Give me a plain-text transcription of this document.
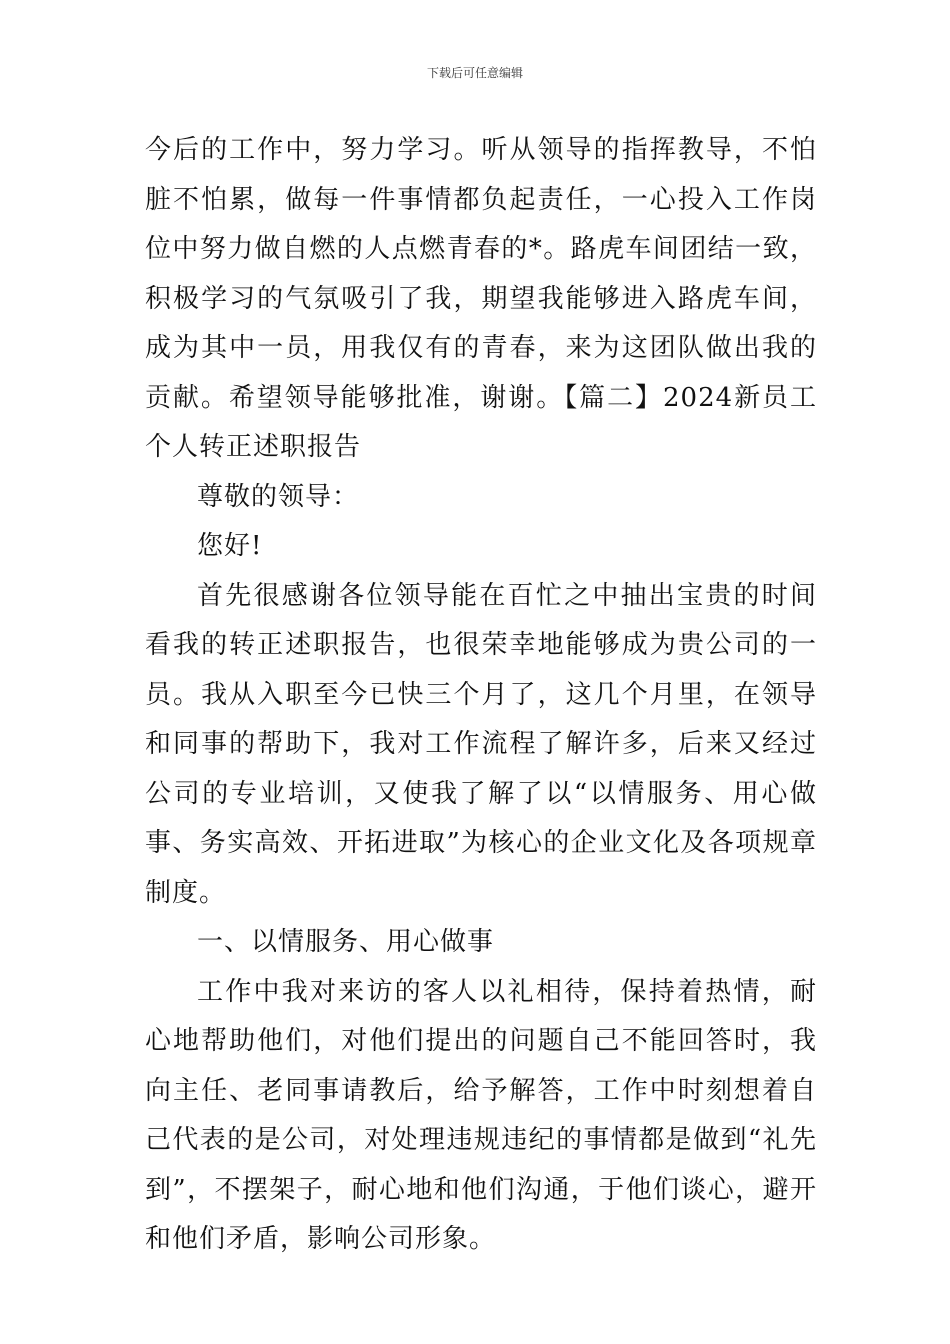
下载后可任意编辑

今后的工作中，努力学习。听从领导的指挥教导，不怕脏不怕累，做每一件事情都负起责任，一心投入工作岗位中努力做自燃的人点燃青春的*。路虎车间团结一致，积极学习的气氛吸引了我，期望我能够进入路虎车间，成为其中一员，用我仅有的青春，来为这团队做出我的贡献。希望领导能够批准，谢谢。【篇二】2024新员工个人转正述职报告

尊敬的领导：

您好!

首先很感谢各位领导能在百忙之中抽出宝贵的时间看我的转正述职报告，也很荣幸地能够成为贵公司的一员。我从入职至今已快三个月了，这几个月里，在领导和同事的帮助下，我对工作流程了解许多，后来又经过公司的专业培训，又使我了解了以“以情服务、用心做事、务实高效、开拓进取”为核心的企业文化及各项规章制度。

一、以情服务、用心做事

工作中我对来访的客人以礼相待，保持着热情，耐心地帮助他们，对他们提出的问题自己不能回答时，我向主任、老同事请教后，给予解答，工作中时刻想着自己代表的是公司，对处理违规违纪的事情都是做到“礼先到”，不摆架子，耐心地和他们沟通，于他们谈心，避开和他们矛盾，影响公司形象。
